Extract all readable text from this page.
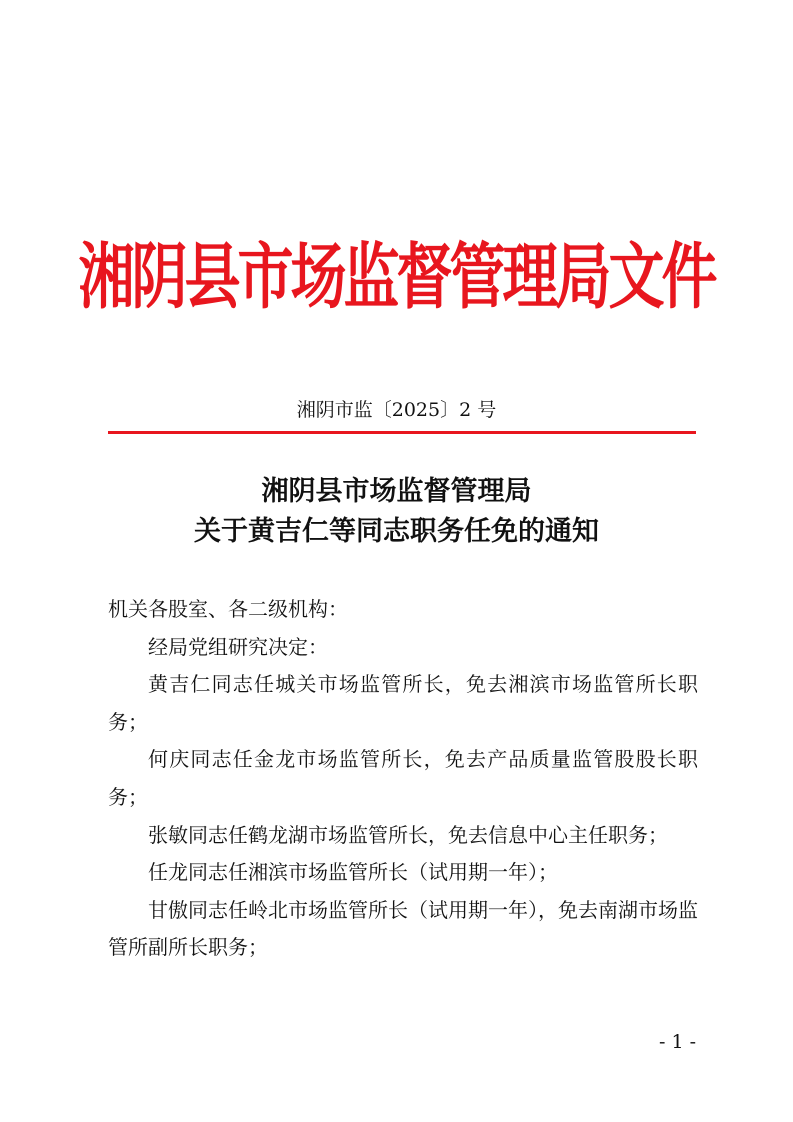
湘阴县市场监督管理局文件
湘阴市监〔2025〕2 号
湘阴县市场监督管理局
关于黄吉仁等同志职务任免的通知

机关各股室、各二级机构：

经局党组研究决定：

黄吉仁同志任城关市场监管所长，免去湘滨市场监管所长职务；

何庆同志任金龙市场监管所长，免去产品质量监管股股长职务；

张敏同志任鹤龙湖市场监管所长，免去信息中心主任职务；

任龙同志任湘滨市场监管所长（试用期一年）；

甘傲同志任岭北市场监管所长（试用期一年），免去南湖市场监管所副所长职务；

- 1 -
